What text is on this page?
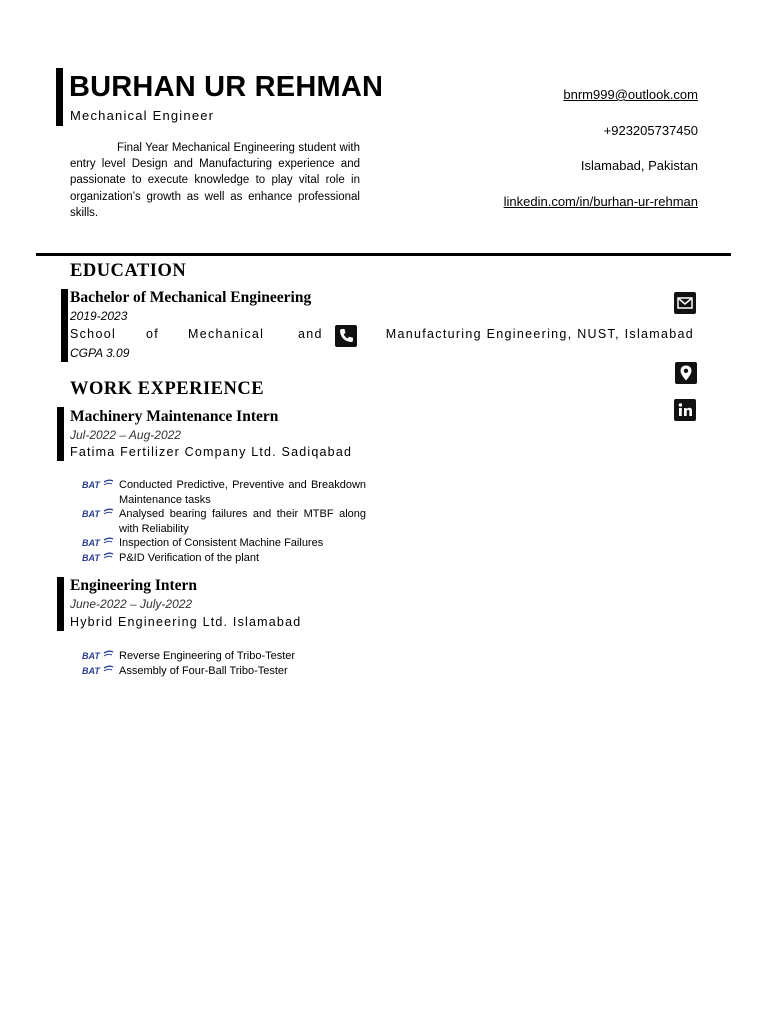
BURHAN UR REHMAN
Mechanical Engineer
Final Year Mechanical Engineering student with entry level Design and Manufacturing experience and passionate to execute knowledge to play vital role in organization’s growth as well as enhance professional skills.
bnrm999@outlook.com
+923205737450
Islamabad, Pakistan
linkedin.com/in/burhan-ur-rehman
EDUCATION
Bachelor of Mechanical Engineering
2019-2023
School of Mechanical	and	Manufacturing Engineering, NUST, Islamabad
CGPA 3.09
WORK EXPERIENCE
Machinery Maintenance Intern
Jul-2022 – Aug-2022
Fatima Fertilizer Company Ltd. Sadiqabad
BAT Conducted Predictive, Preventive and Breakdown Maintenance tasks
BAT Analysed bearing failures and their MTBF along with Reliability
BAT Inspection of Consistent Machine Failures
BAT P&ID Verification of the plant
Engineering Intern
June-2022 – July-2022
Hybrid Engineering Ltd. Islamabad
BAT Reverse Engineering of Tribo-Tester
BAT Assembly of Four-Ball Tribo-Tester
